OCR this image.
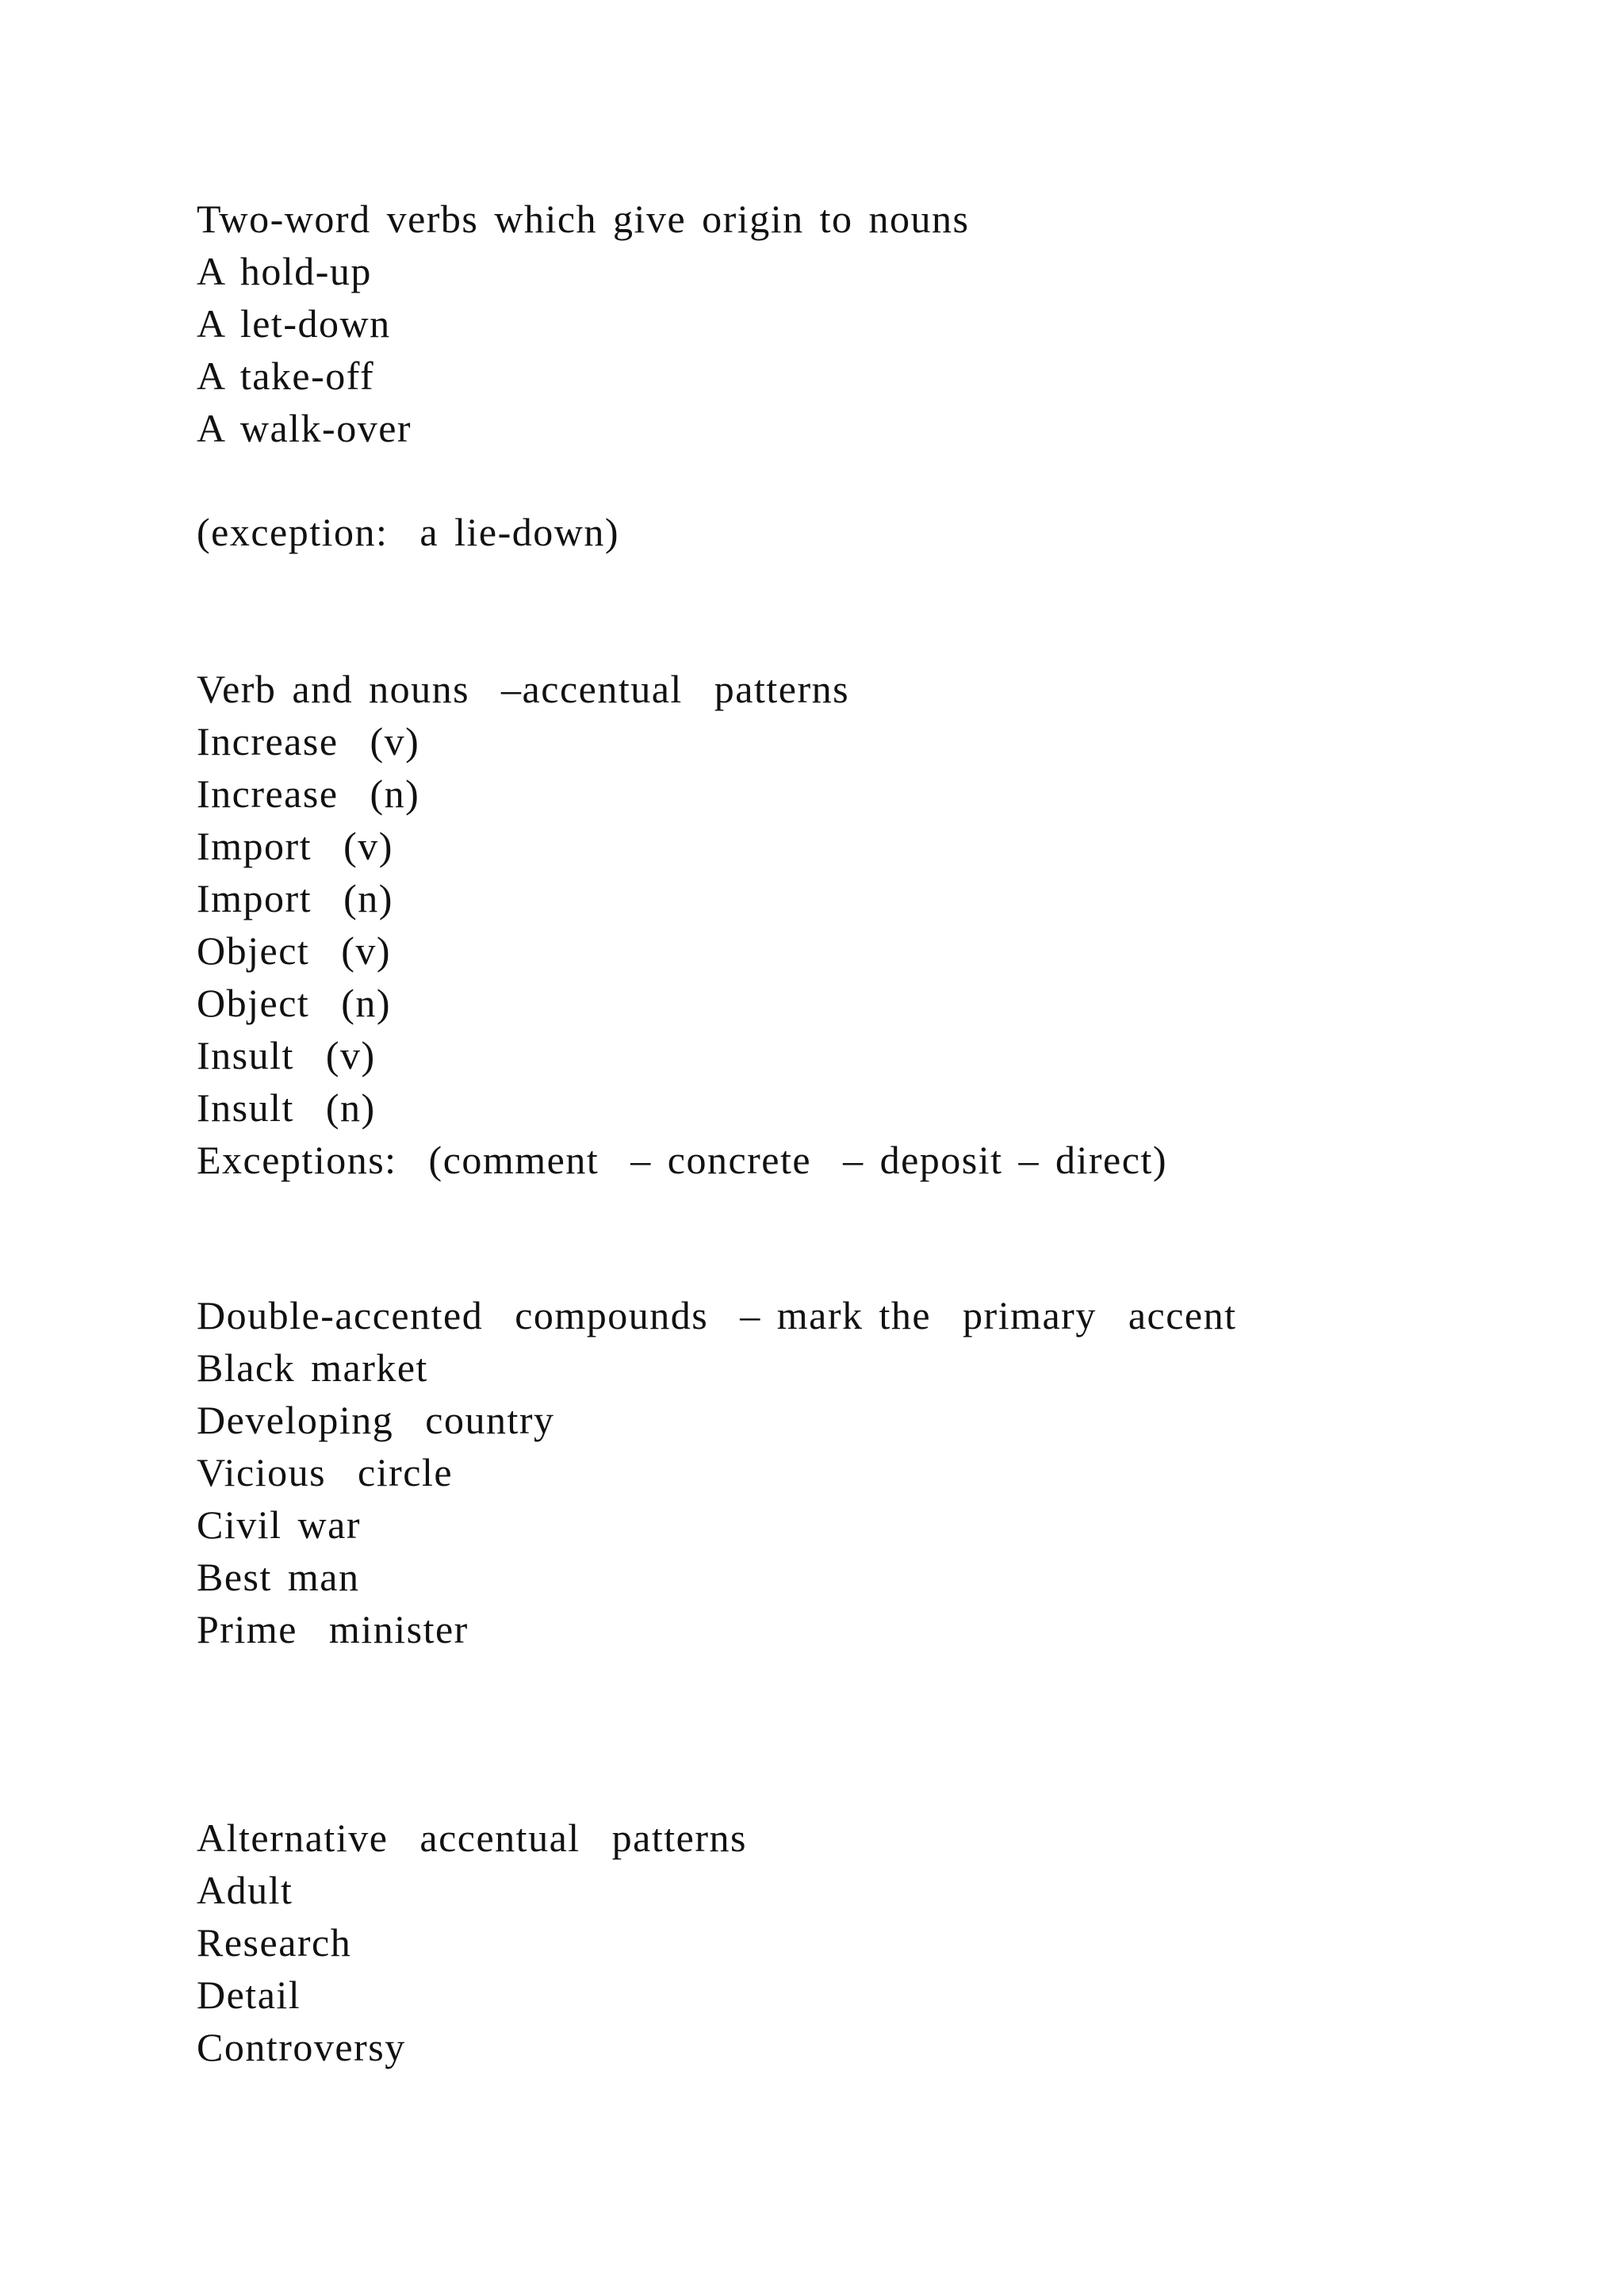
Two-word verbs which give origin to nouns
A hold-up
A let-down
A take-off
A walk-over
(exception:  a lie-down)
Verb and nouns  –accentual  patterns
Increase  (v)
Increase  (n)
Import  (v)
Import  (n)
Object  (v)
Object  (n)
Insult  (v)
Insult  (n)
Exceptions:  (comment  – concrete  – deposit – direct)
Double-accented  compounds  – mark the  primary  accent
Black market
Developing  country
Vicious  circle
Civil war
Best man
Prime  minister
Alternative  accentual  patterns
Adult
Research
Detail
Controversy
